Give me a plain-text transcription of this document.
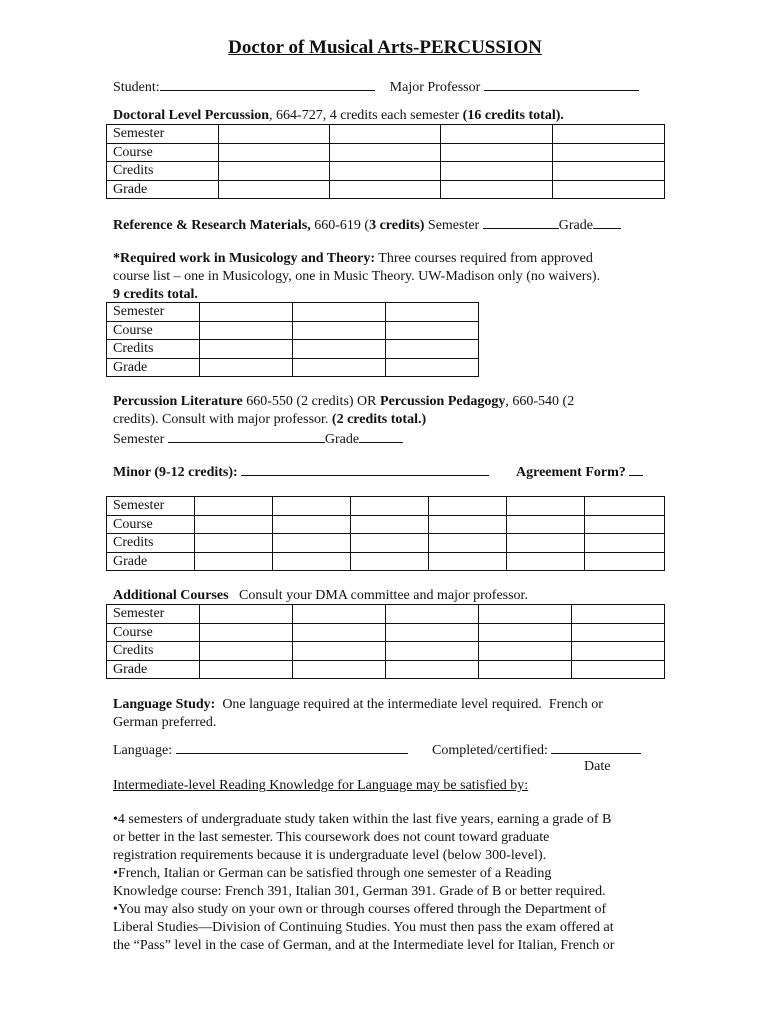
Doctor of Musical Arts-PERCUSSION
Student:	Major Professor
Doctoral Level Percussion, 664-727, 4 credits each semester (16 credits total).
Semester				
Course				
Credits				
Grade				
Reference & Research Materials, 660-619 (3 credits) Semester	Grade
*Required work in Musicology and Theory: Three courses required from approved
course list – one in Musicology, one in Music Theory. UW-Madison only (no waivers).
9 credits total.
Semester			
Course			
Credits			
Grade			
Percussion Literature 660-550 (2 credits) OR Percussion Pedagogy, 660-540 (2
credits). Consult with major professor. (2 credits total.)
Semester	Grade
Minor (9-12 credits):	Agreement Form?
Semester						
Course						
Credits						
Grade						
Additional Courses   Consult your DMA committee and major professor.
Semester					
Course					
Credits					
Grade					
Language Study:  One language required at the intermediate level required.  French or
German preferred.
Language:	Completed/certified:
Date
Intermediate-level Reading Knowledge for Language may be satisfied by:
•4 semesters of undergraduate study taken within the last five years, earning a grade of B
or better in the last semester. This coursework does not count toward graduate
registration requirements because it is undergraduate level (below 300-level).
•French, Italian or German can be satisfied through one semester of a Reading
Knowledge course: French 391, Italian 301, German 391. Grade of B or better required.
•You may also study on your own or through courses offered through the Department of
Liberal Studies—Division of Continuing Studies. You must then pass the exam offered at
the “Pass” level in the case of German, and at the Intermediate level for Italian, French or
